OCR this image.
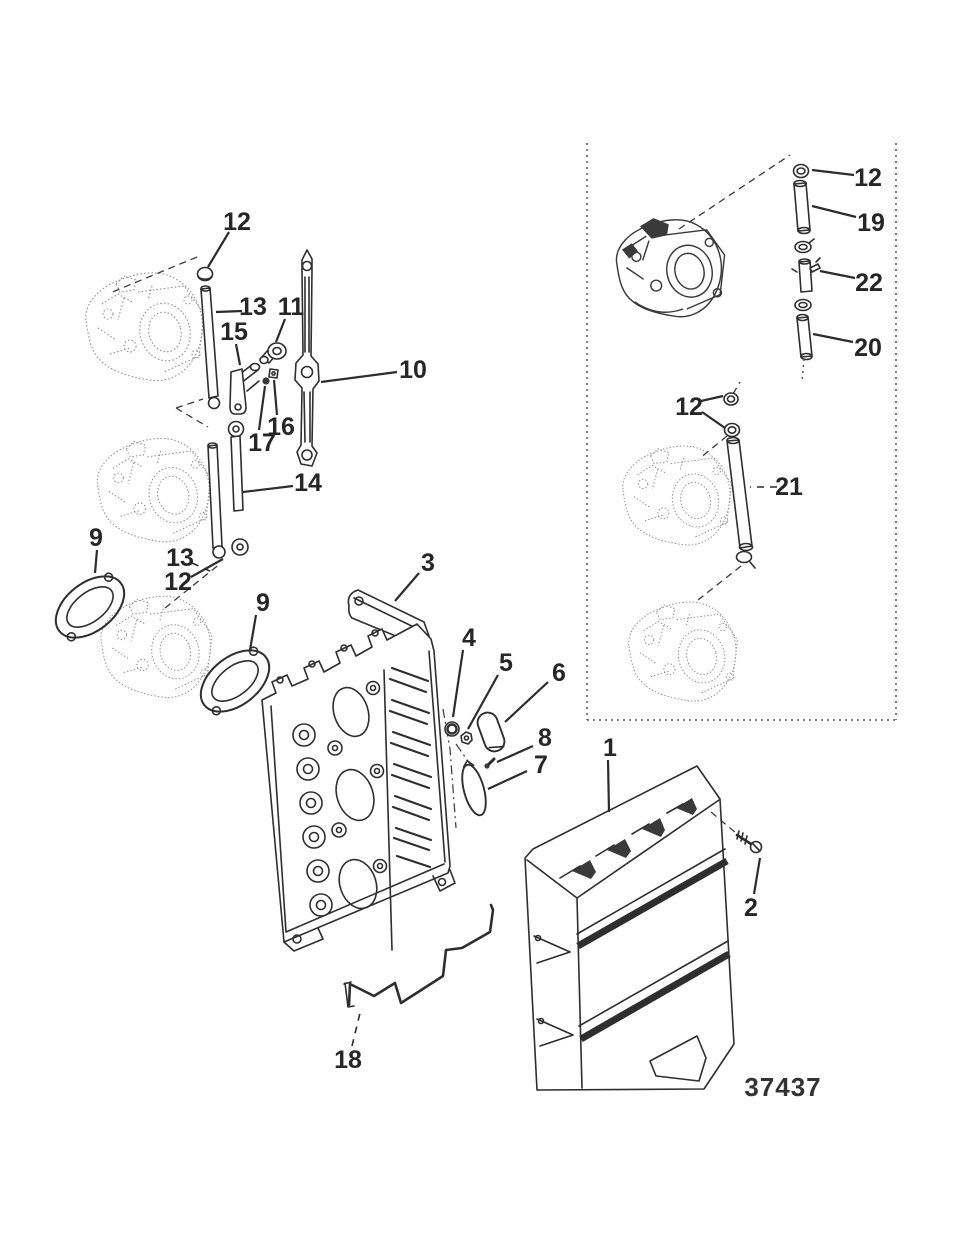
12
13 11
15
10
16
17
14
9
13
12
9
3
4
5 6
8
7
18
1
2
12
19
22
20
12
21
37437
